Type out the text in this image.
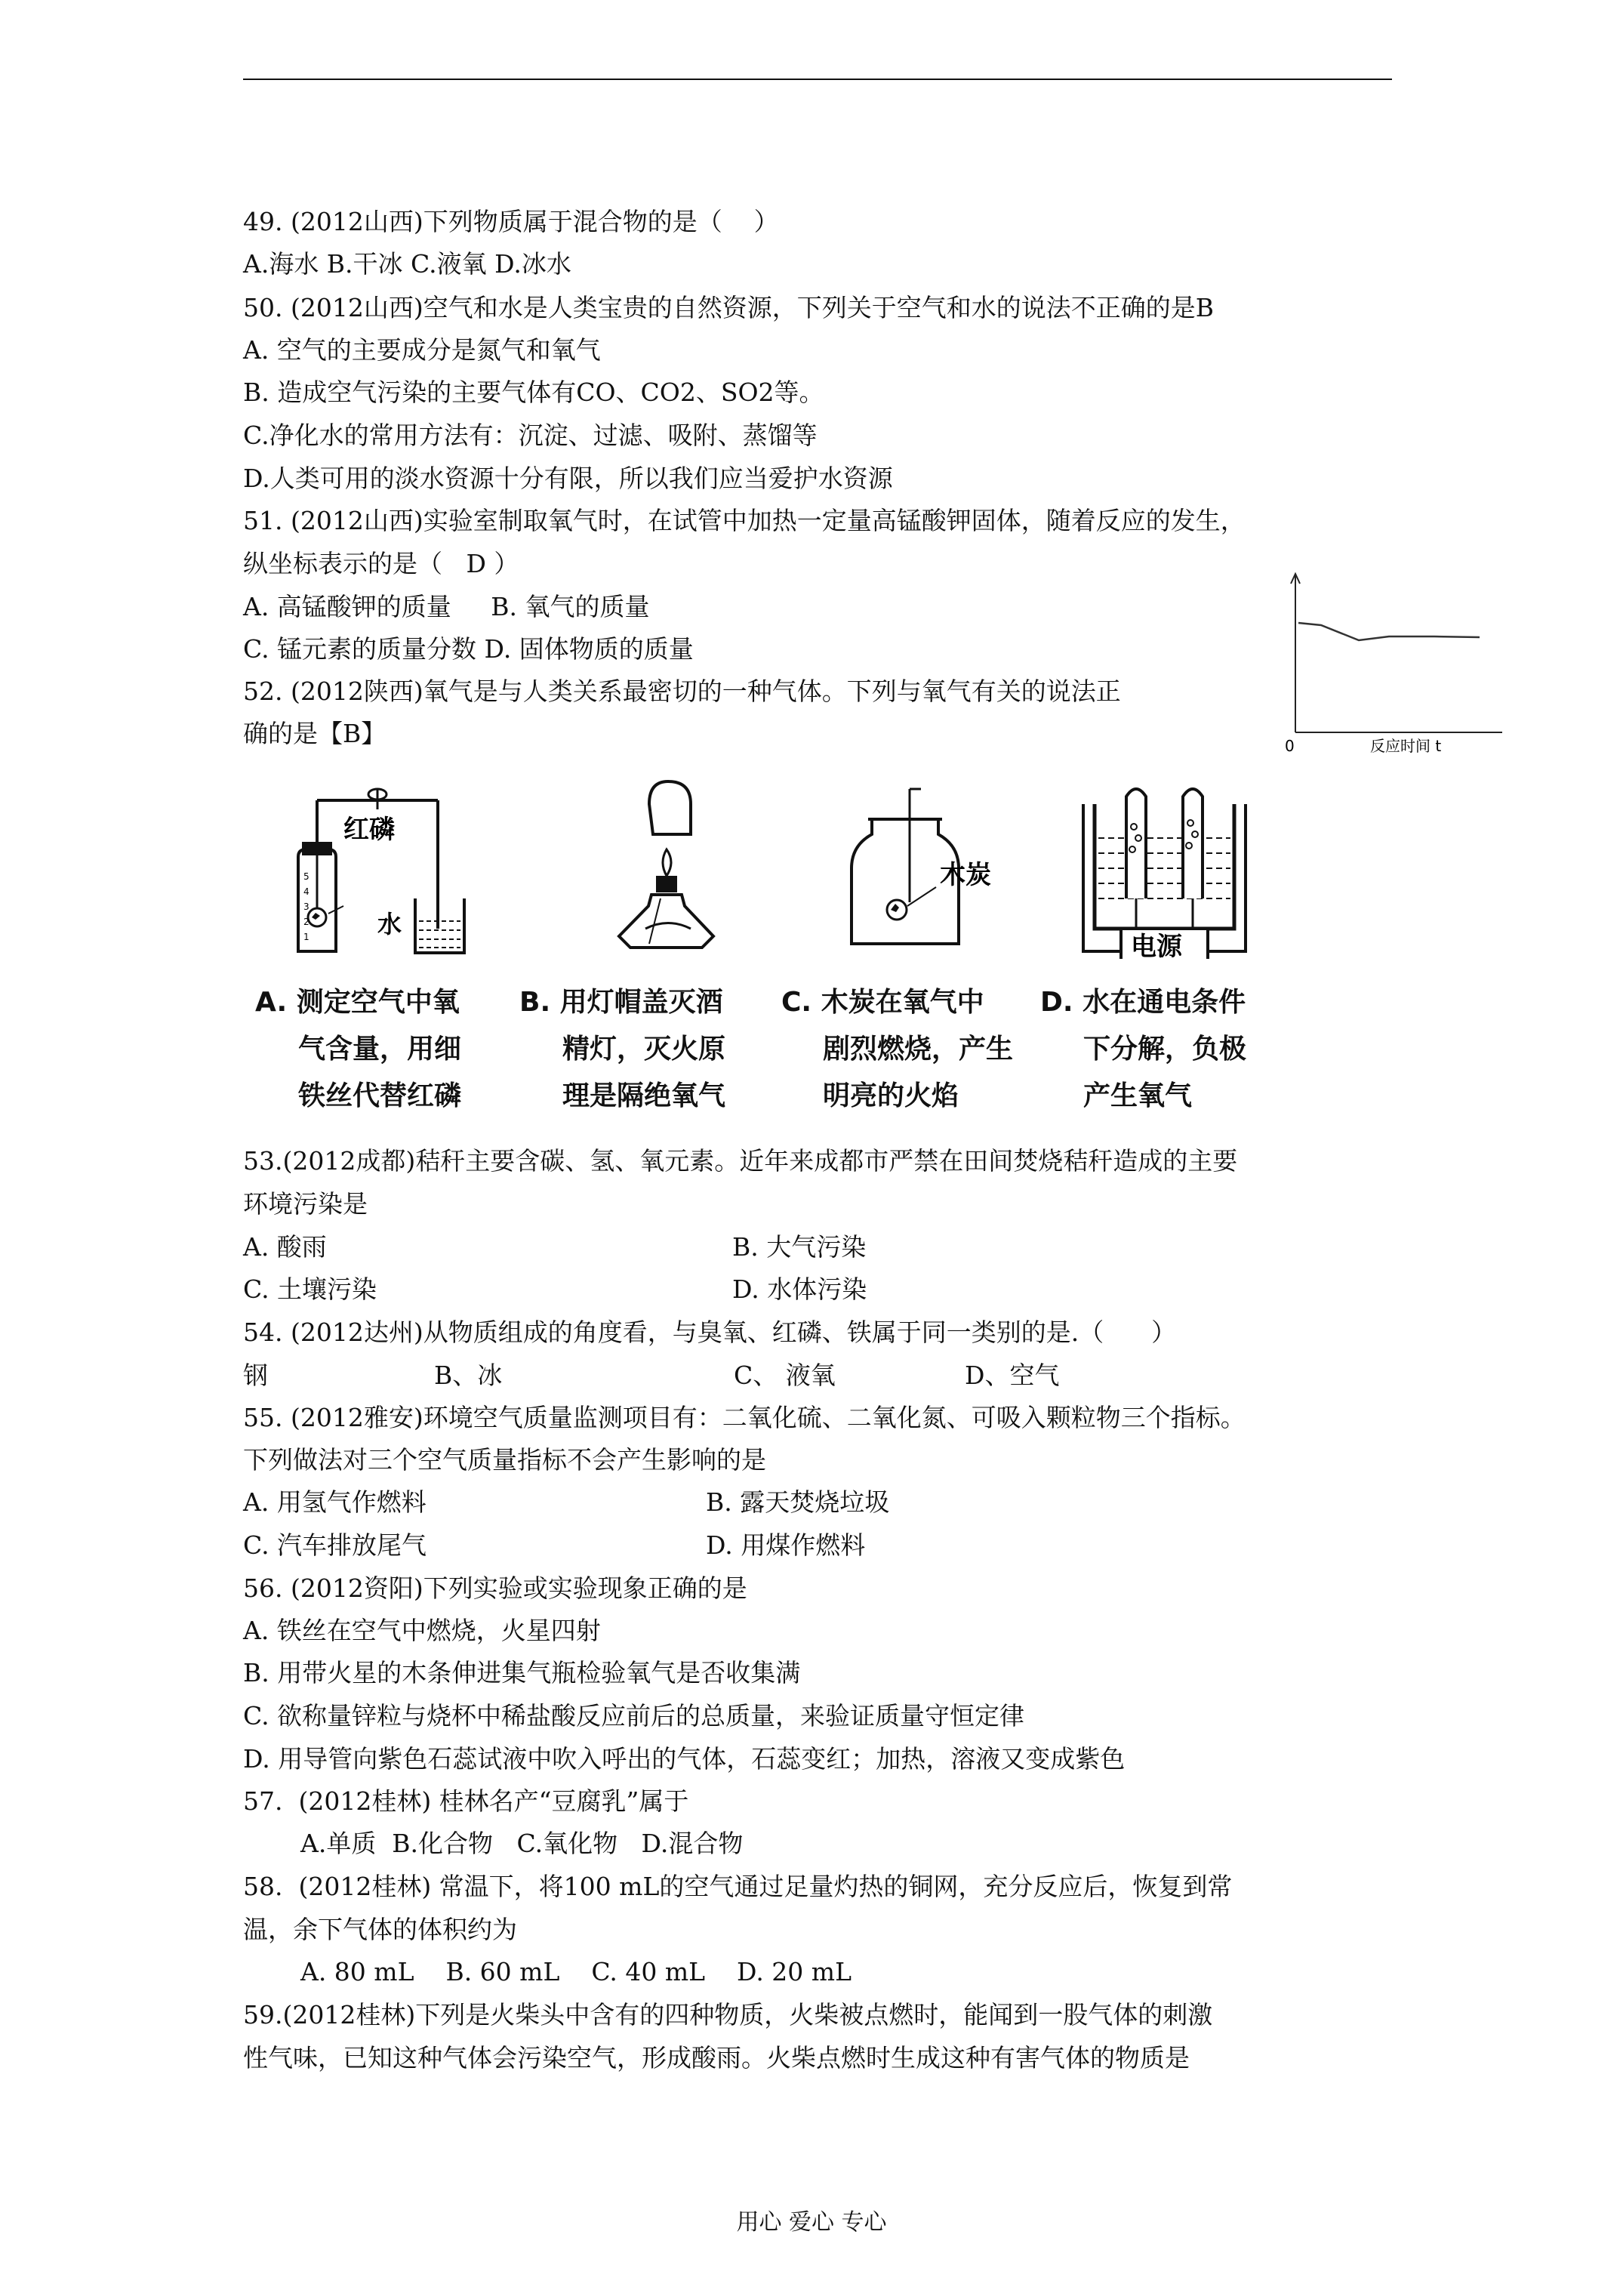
49. (2012山西)下列物质属于混合物的是（    ）
A.海水 B.干冰 C.液氧 D.冰水
50. (2012山西)空气和水是人类宝贵的自然资源，下列关于空气和水的说法不正确的是B
A. 空气的主要成分是氮气和氧气
B. 造成空气污染的主要气体有CO、CO2、SO2等。
C.净化水的常用方法有：沉淀、过滤、吸附、蒸馏等
D.人类可用的淡水资源十分有限，所以我们应当爱护水资源
51. (2012山西)实验室制取氧气时，在试管中加热一定量高锰酸钾固体，随着反应的发生，
纵坐标表示的是（   D ）
A. 高锰酸钾的质量     B. 氧气的质量
C. 锰元素的质量分数 D. 固体物质的质量
52. (2012陕西)氧气是与人类关系最密切的一种气体。下列与氧气有关的说法正
确的是【B】	0	反应时间 t
5
4
3
2
1
红磷
水
木炭
电源
A. 测定空气中氧
气含量，用细
铁丝代替红磷
B. 用灯帽盖灭酒
精灯，灭火原
理是隔绝氧气
C. 木炭在氧气中
剧烈燃烧，产生
明亮的火焰
D. 水在通电条件
下分解，负极
产生氧气
53.(2012成都)秸秆主要含碳、氢、氧元素。近年来成都市严禁在田间焚烧秸秆造成的主要
环境污染是
A. 酸雨	B. 大气污染
C. 土壤污染	D. 水体污染
54. (2012达州)从物质组成的角度看，与臭氧、红磷、铁属于同一类别的是.（      ）
钢	B、冰	C、 液氧	D、空气
55. (2012雅安)环境空气质量监测项目有：二氧化硫、二氧化氮、可吸入颗粒物三个指标。
下列做法对三个空气质量指标不会产生影响的是
A. 用氢气作燃料	B. 露天焚烧垃圾
C. 汽车排放尾气	D. 用煤作燃料
56. (2012资阳)下列实验或实验现象正确的是
A. 铁丝在空气中燃烧，火星四射
B. 用带火星的木条伸进集气瓶检验氧气是否收集满
C. 欲称量锌粒与烧杯中稀盐酸反应前后的总质量，来验证质量守恒定律
D. 用导管向紫色石蕊试液中吹入呼出的气体，石蕊变红；加热，溶液又变成紫色
57.  (2012桂林) 桂林名产“豆腐乳”属于
A.单质  B.化合物   C.氧化物   D.混合物
58.  (2012桂林) 常温下，将100 mL的空气通过足量灼热的铜网，充分反应后，恢复到常
温，余下气体的体积约为
A. 80 mL    B. 60 mL    C. 40 mL    D. 20 mL
59.(2012桂林)下列是火柴头中含有的四种物质，火柴被点燃时，能闻到一股气体的刺激
性气味，已知这种气体会污染空气，形成酸雨。火柴点燃时生成这种有害气体的物质是
用心 爱心 专心
